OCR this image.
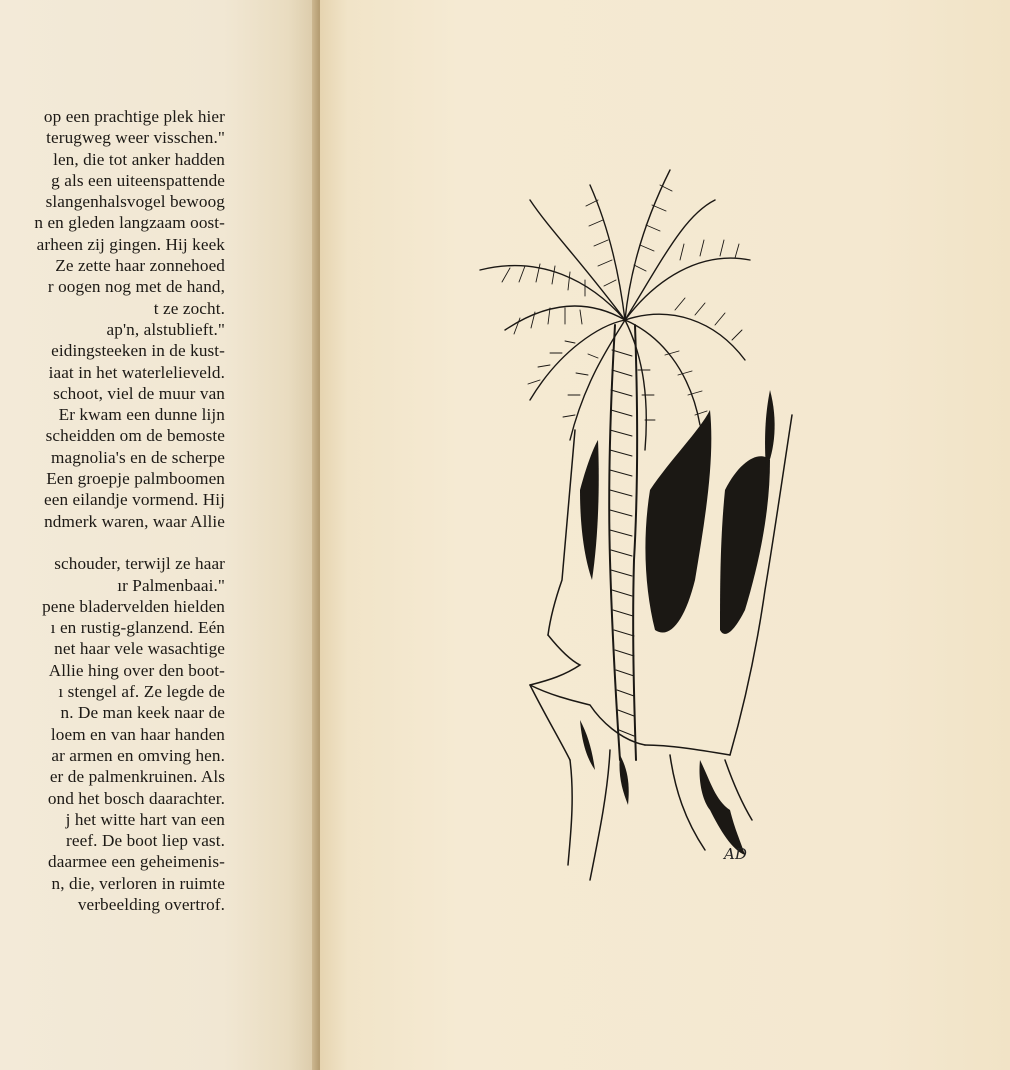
op een prachtige plek hier
terugweg weer visschen."
len, die tot anker hadden
g als een uiteenspattende
slangenhalsvogel bewoog
n en gleden langzaam oost-
arheen zij gingen. Hij keek
Ze zette haar zonnehoed
r oogen nog met de hand,
t ze zocht.
ap'n, alstublieft."
eidingsteeken in de kust-
iaat in het waterlelieveld.
schoot, viel de muur van
Er kwam een dunne lijn
scheidden om de bemoste
magnolia's en de scherpe
Een groepje palmboomen
een eilandje vormend. Hij
ndmerk waren, waar Allie
schouder, terwijl ze haar
ır Palmenbaai."
pene bladervelden hielden
ı en rustig-glanzend. Eén
net haar vele wasachtige
Allie hing over den boot-
ı stengel af. Ze legde de
n. De man keek naar de
loem en van haar handen
ar armen en omving hen.
er de palmenkruinen. Als
ond het bosch daarachter.
j het witte hart van een
reef. De boot liep vast.
daarmee een geheimenis-
n, die, verloren in ruimte
verbeelding overtrof.
AD
